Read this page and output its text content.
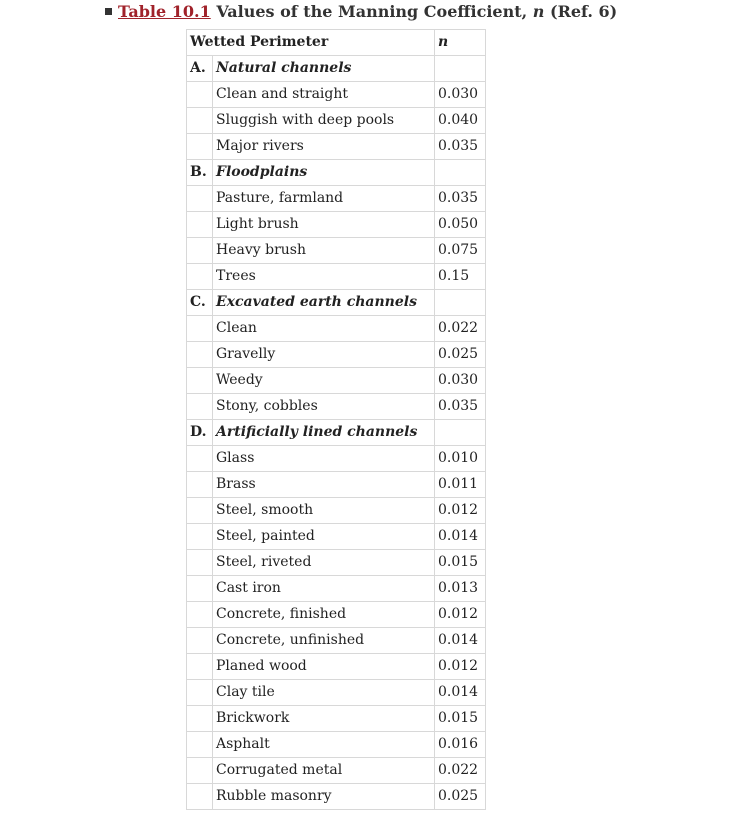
Table 10.1 Values of the Manning Coefficient, n (Ref. 6)
Wetted Perimeter		n
A.	Natural channels	
	Clean and straight	0.030
	Sluggish with deep pools	0.040
	Major rivers	0.035
B.	Floodplains	
	Pasture, farmland	0.035
	Light brush	0.050
	Heavy brush	0.075
	Trees	0.15
C.	Excavated earth channels	
	Clean	0.022
	Gravelly	0.025
	Weedy	0.030
	Stony, cobbles	0.035
D.	Artificially lined channels	
	Glass	0.010
	Brass	0.011
	Steel, smooth	0.012
	Steel, painted	0.014
	Steel, riveted	0.015
	Cast iron	0.013
	Concrete, finished	0.012
	Concrete, unfinished	0.014
	Planed wood	0.012
	Clay tile	0.014
	Brickwork	0.015
	Asphalt	0.016
	Corrugated metal	0.022
	Rubble masonry	0.025
